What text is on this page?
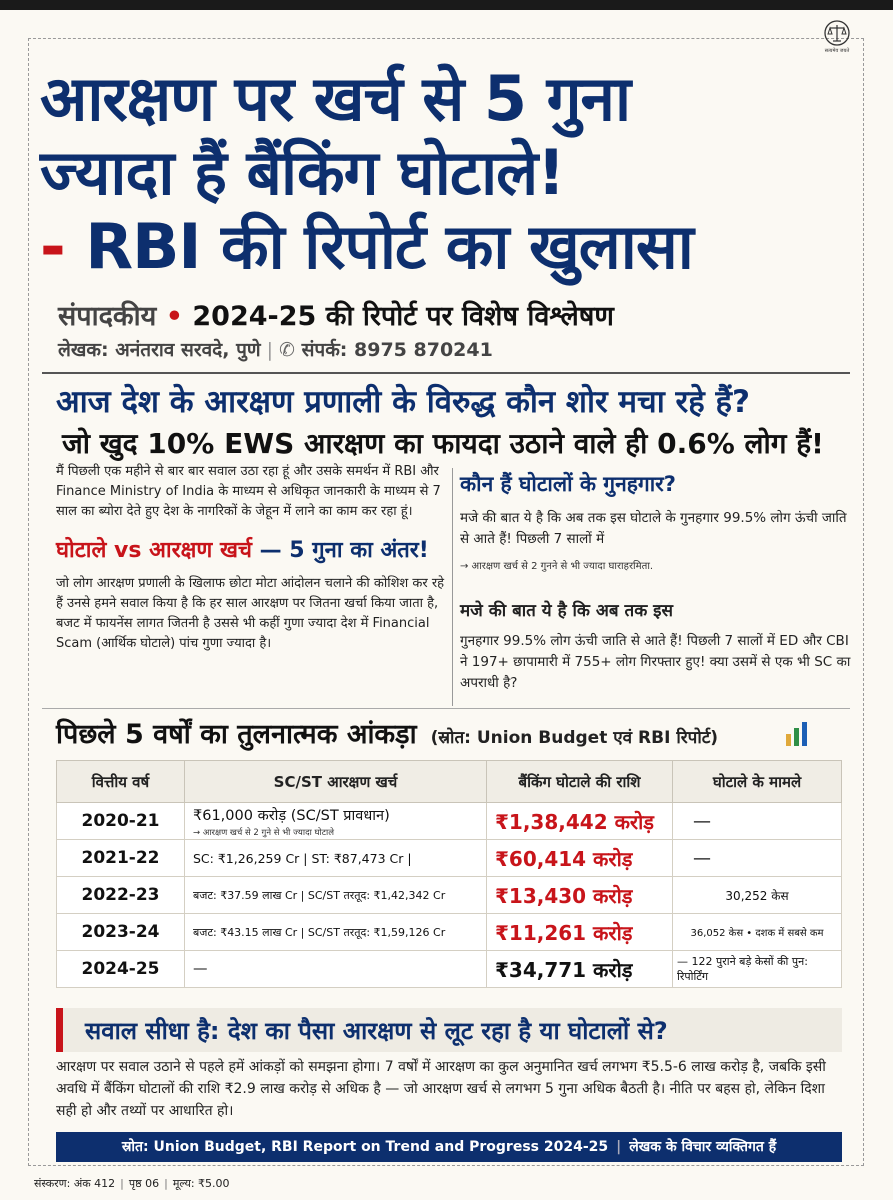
सत्यमेव जयते
आरक्षण पर खर्च से 5 गुना
ज्यादा हैं बैंकिंग घोटाले!
- RBI की रिपोर्ट का खुलासा
संपादकीय • 2024-25 की रिपोर्ट पर विशेष विश्लेषण
लेखक: अनंतराव सरवदे, पुणे | ✆ संपर्क: 8975 870241
आज देश के आरक्षण प्रणाली के विरुद्ध कौन शोर मचा रहे हैं?
जो खुद 10% EWS आरक्षण का फायदा उठाने वाले ही 0.6% लोग हैं!

मैं पिछली एक महीने से बार बार सवाल उठा रहा हूं और उसके समर्थन में RBI और Finance Ministry of India के माध्यम से अधिकृत जानकारी के माध्यम से 7 साल का ब्योरा देते हुए देश के नागरिकों के जेहून में लाने का काम कर रहा हूं।

घोटाले vs आरक्षण खर्च — 5 गुना का अंतर!

जो लोग आरक्षण प्रणाली के खिलाफ छोटा मोटा आंदोलन चलाने की कोशिश कर रहे हैं उनसे हमने सवाल किया है कि हर साल आरक्षण पर जितना खर्चा किया जाता है, बजट में फायनेंस लागत जितनी है उससे भी कहीं गुणा ज्यादा देश में Financial Scam (आर्थिक घोटाले) पांच गुणा ज्यादा है।

कौन हैं घोटालों के गुनहगार?

मजे की बात ये है कि अब तक इस घोटाले के गुनहगार 99.5% लोग ऊंची जाति से आते हैं! पिछली 7 सालों में

→ आरक्षण खर्च से 2 गुनने से भी ज्यादा घाराहरमिता.

मजे की बात ये है कि अब तक इस

गुनहगार 99.5% लोग ऊंची जाति से आते हैं! पिछली 7 सालों में ED और CBI ने 197+ छापामारी में 755+ लोग गिरफ्तार हुए! क्या उसमें से एक भी SC का अपराधी है?

पिछले 5 वर्षों का तुलनात्मक आंकड़ा (स्रोत: Union Budget एवं RBI रिपोर्ट)
वित्तीय वर्ष	SC/ST आरक्षण खर्च	बैंकिंग घोटाले की राशि	घोटाले के मामले
2020-21	₹61,000 करोड़ (SC/ST प्रावधान)
→ आरक्षण खर्च से 2 गुने से भी ज्यादा घोटाले	₹1,38,442 करोड़	—
2021-22	SC: ₹1,26,259 Cr | ST: ₹87,473 Cr |	₹60,414 करोड़	—
2022-23	बजट: ₹37.59 लाख Cr | SC/ST तरतूद: ₹1,42,342 Cr	₹13,430 करोड़	30,252 केस
2023-24	बजट: ₹43.15 लाख Cr | SC/ST तरतूद: ₹1,59,126 Cr	₹11,261 करोड़	36,052 केस • दशक में सबसे कम
2024-25	—	₹34,771 करोड़	— 122 पुराने बड़े केसों की पुन: रिपोर्टिंग
सवाल सीधा है: देश का पैसा आरक्षण से लूट रहा है या घोटालों से?

आरक्षण पर सवाल उठाने से पहले हमें आंकड़ों को समझना होगा। 7 वर्षों में आरक्षण का कुल अनुमानित खर्च लगभग ₹5.5-6 लाख करोड़ है, जबकि इसी अवधि में बैंकिंग घोटालों की राशि ₹2.9 लाख करोड़ से अधिक है — जो आरक्षण खर्च से लगभग 5 गुना अधिक बैठती है। नीति पर बहस हो, लेकिन दिशा सही हो और तथ्यों पर आधारित हो।

स्रोत: Union Budget, RBI Report on Trend and Progress 2024-25 | लेखक के विचार व्यक्तिगत हैं
संस्करण: अंक 412 | पृष्ठ 06 | मूल्य: ₹5.00
